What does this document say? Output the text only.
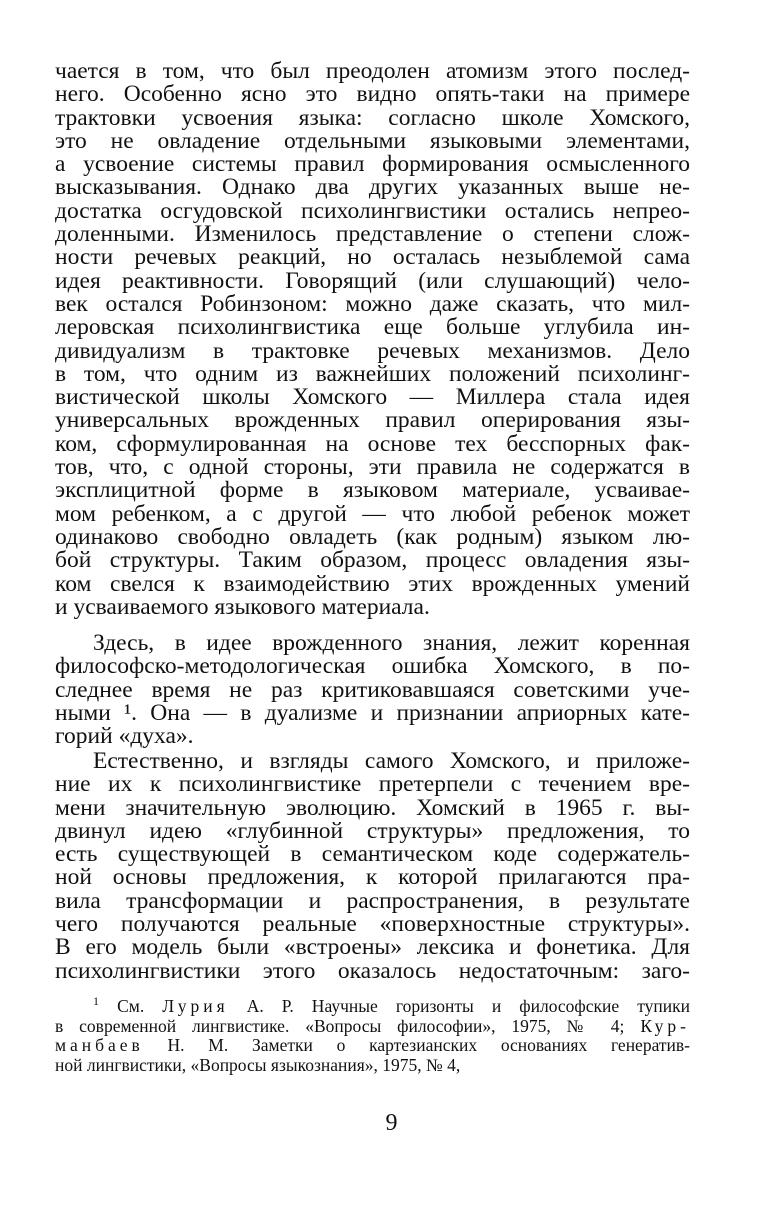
чается в том, что был преодолен атомизм этого послед-
него. Особенно ясно это видно опять-таки на примере
трактовки усвоения языка: согласно школе Хомского,
это не овладение отдельными языковыми элементами,
а усвоение системы правил формирования осмысленного
высказывания. Однако два других указанных выше не-
достатка осгудовской психолингвистики остались непрео-
доленными. Изменилось представление о степени слож-
ности речевых реакций, но осталась незыблемой сама
идея реактивности. Говорящий (или слушающий) чело-
век остался Робинзоном: можно даже сказать, что мил-
леровская психолингвистика еще больше углубила ин-
дивидуализм в трактовке речевых механизмов. Дело
в том, что одним из важнейших положений психолинг-
вистической школы Хомского — Миллера стала идея
универсальных врожденных правил оперирования язы-
ком, сформулированная на основе тех бесспорных фак-
тов, что, с одной стороны, эти правила не содержатся в
эксплицитной форме в языковом материале, усваивае-
мом ребенком, а с другой — что любой ребенок может
одинаково свободно овладеть (как родным) языком лю-
бой структуры. Таким образом, процесс овладения язы-
ком свелся к взаимодействию этих врожденных умений
и усваиваемого языкового материала.
Здесь, в идее врожденного знания, лежит коренная
философско-методологическая ошибка Хомского, в по-
следнее время не раз критиковавшаяся советскими уче-
ными ¹. Она — в дуализме и признании априорных кате-
горий «духа».
Естественно, и взгляды самого Хомского, и приложе-
ние их к психолингвистике претерпели с течением вре-
мени значительную эволюцию. Хомский в 1965 г. вы-
двинул идею «глубинной структуры» предложения, то
есть существующей в семантическом коде содержатель-
ной основы предложения, к которой прилагаются пра-
вила трансформации и распространения, в результате
чего получаются реальные «поверхностные структуры».
В его модель были «встроены» лексика и фонетика. Для
психолингвистики этого оказалось недостаточным: заго-
$^1$ См. Лурия А. Р. Научные горизонты и философские тупики
в современной лингвистике. «Вопросы философии», 1975, № 4; Кур-
манбаев Н. М. Заметки о картезианских основаниях генератив-
ной лингвистики, «Вопросы языкознания», 1975, № 4,
9
